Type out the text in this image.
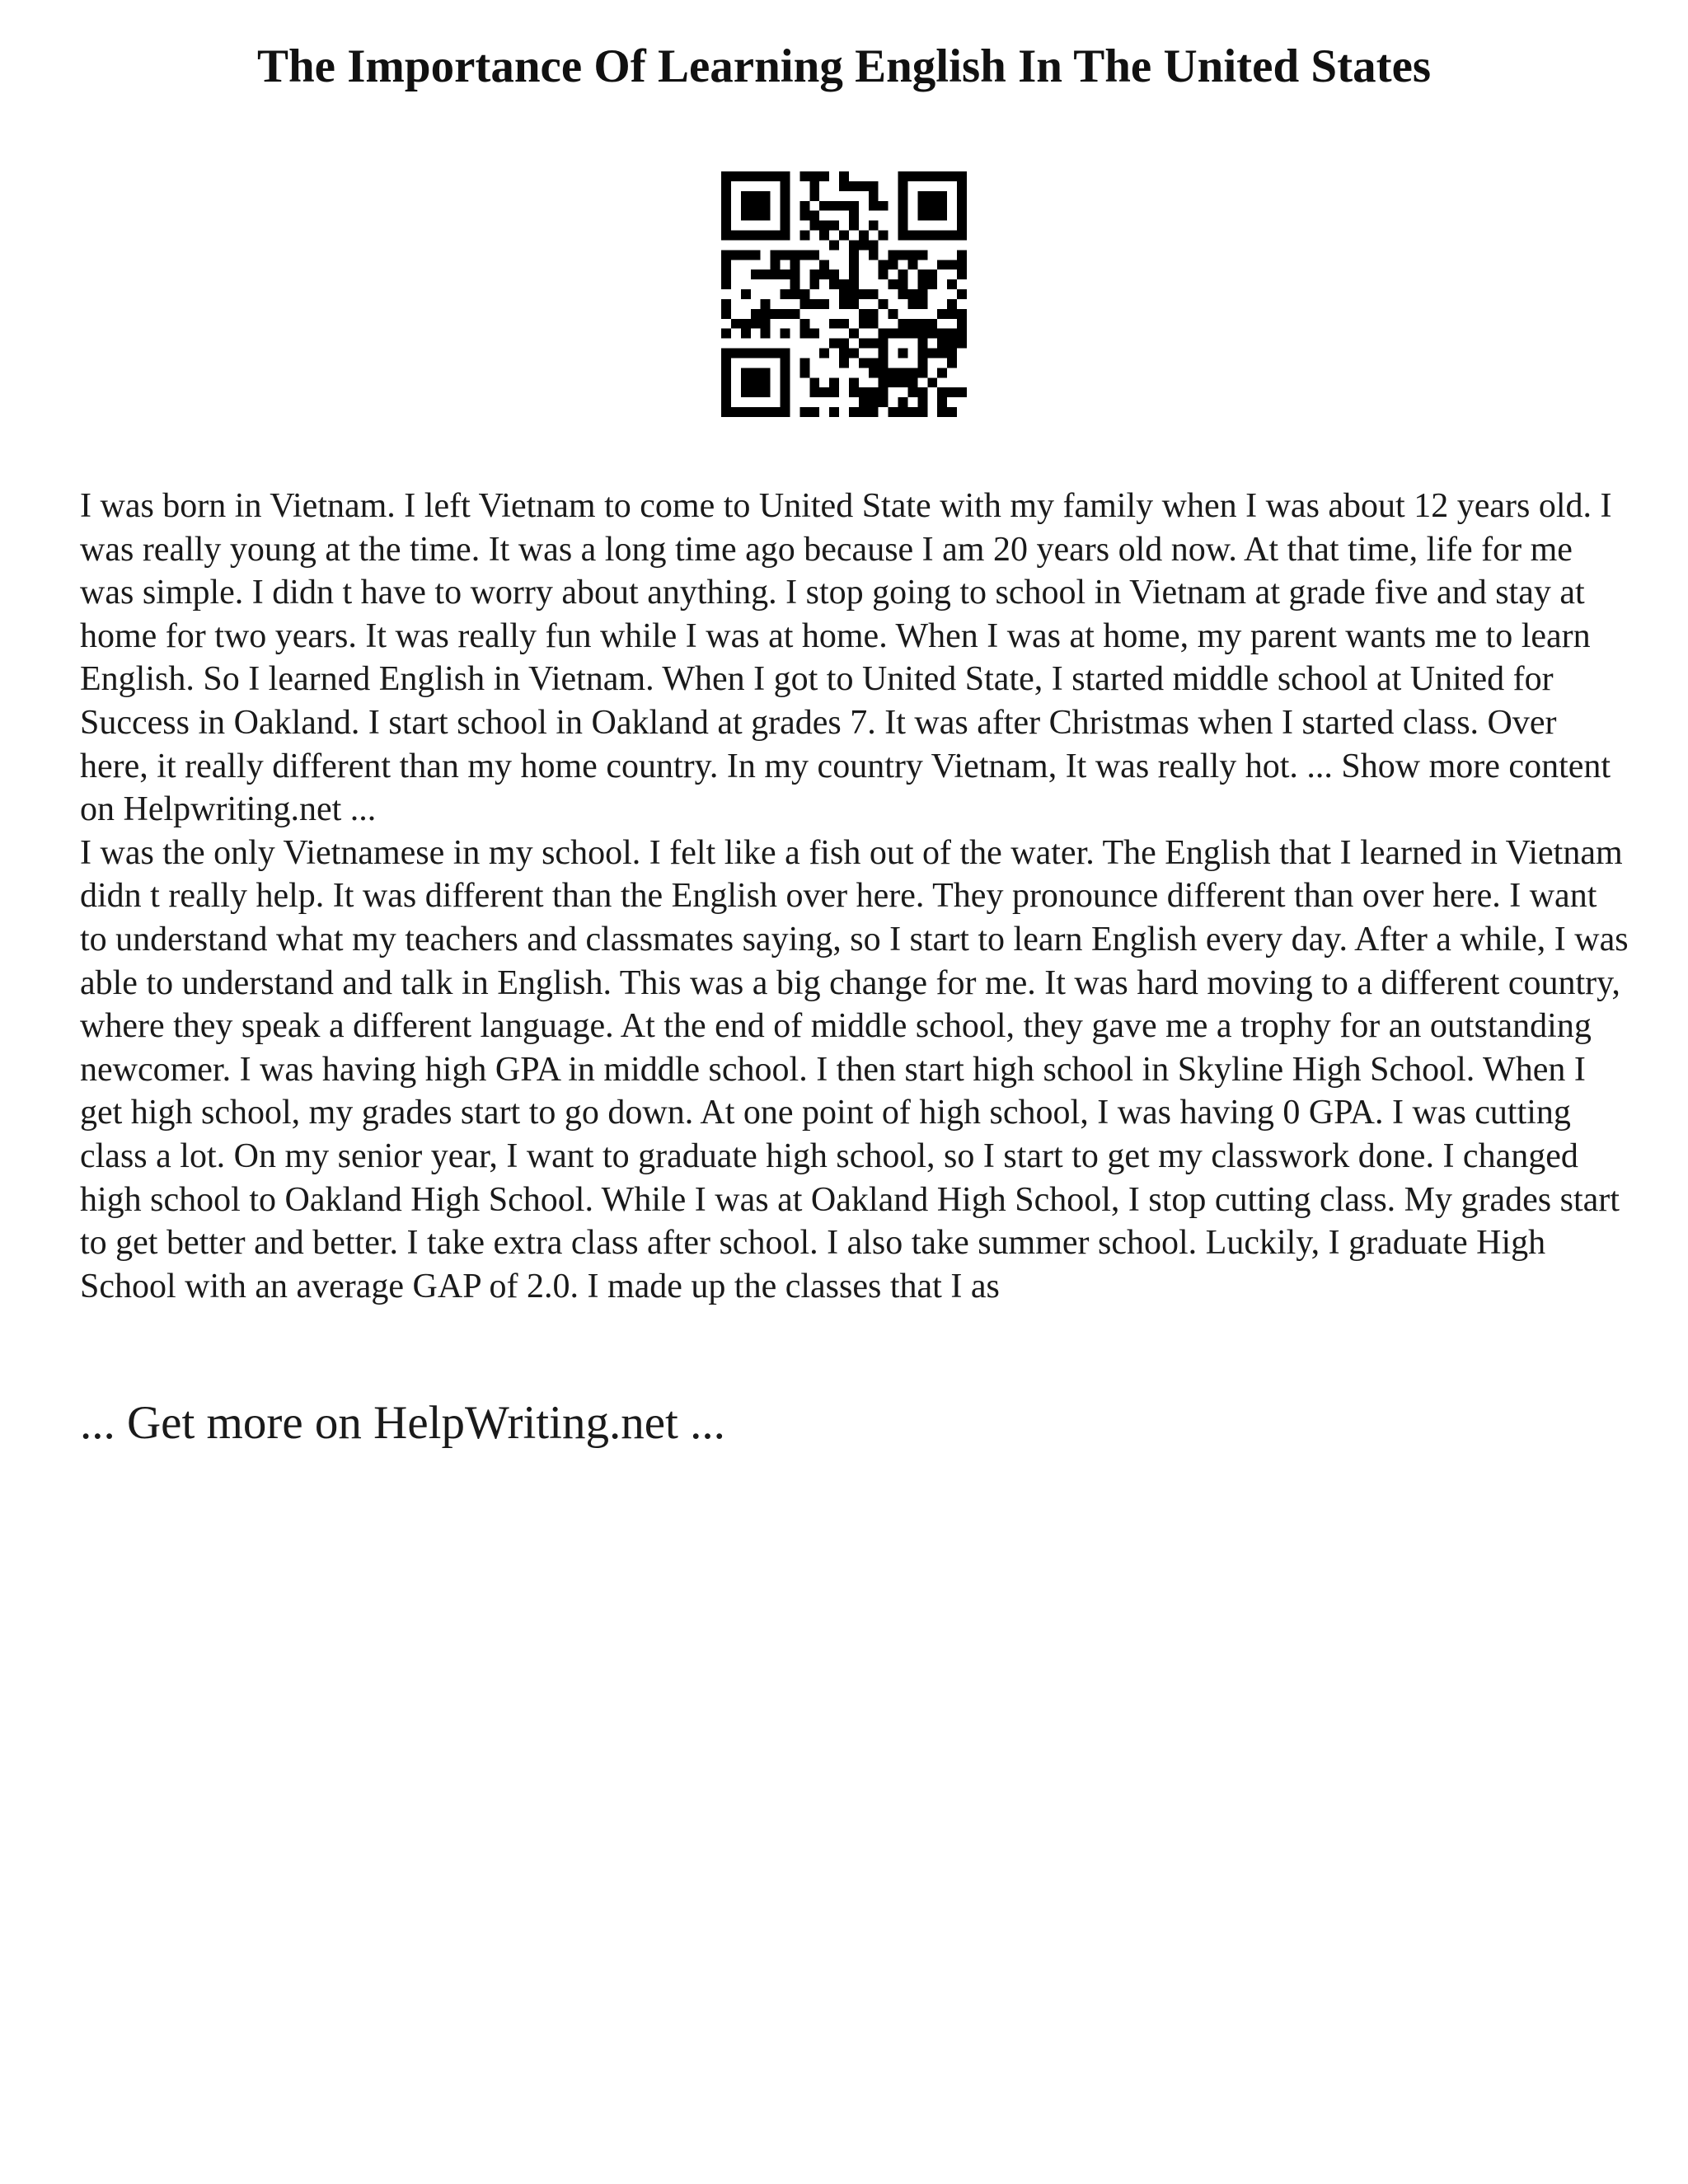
The Importance Of Learning English In The United States

I was born in Vietnam. I left Vietnam to come to United State with my family when I was about 12 years old. I was really young at the time. It was a long time ago because I am 20 years old now. At that time, life for me was simple. I didn t have to worry about anything. I stop going to school in Vietnam at grade five and stay at home for two years. It was really fun while I was at home. When I was at home, my parent wants me to learn English. So I learned English in Vietnam. When I got to United State, I started middle school at United for Success in Oakland. I start school in Oakland at grades 7. It was after Christmas when I started class. Over here, it really different than my home country. In my country Vietnam, It was really hot. ... Show more content on Helpwriting.net ...

I was the only Vietnamese in my school. I felt like a fish out of the water. The English that I learned in Vietnam didn t really help. It was different than the English over here. They pronounce different than over here. I want to understand what my teachers and classmates saying, so I start to learn English every day. After a while, I was able to understand and talk in English. This was a big change for me. It was hard moving to a different country, where they speak a different language. At the end of middle school, they gave me a trophy for an outstanding newcomer. I was having high GPA in middle school. I then start high school in Skyline High School. When I get high school, my grades start to go down. At one point of high school, I was having 0 GPA. I was cutting class a lot. On my senior year, I want to graduate high school, so I start to get my classwork done. I changed high school to Oakland High School. While I was at Oakland High School, I stop cutting class. My grades start to get better and better. I take extra class after school. I also take summer school. Luckily, I graduate High School with an average GAP of 2.0. I made up the classes that I as

... Get more on HelpWriting.net ...
